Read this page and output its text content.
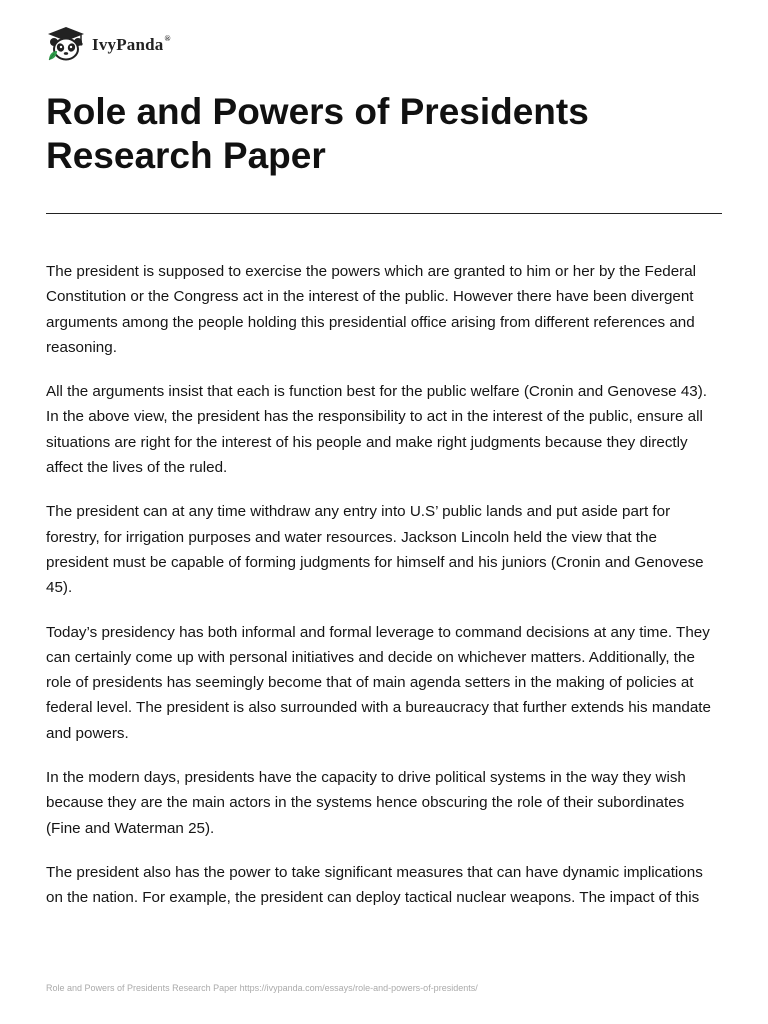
IvyPanda®
Role and Powers of Presidents Research Paper

The president is supposed to exercise the powers which are granted to him or her by the Federal Constitution or the Congress act in the interest of the public. However there have been divergent arguments among the people holding this presidential office arising from different references and reasoning.

All the arguments insist that each is function best for the public welfare (Cronin and Genovese 43). In the above view, the president has the responsibility to act in the interest of the public, ensure all situations are right for the interest of his people and make right judgments because they directly affect the lives of the ruled.

The president can at any time withdraw any entry into U.S’ public lands and put aside part for forestry, for irrigation purposes and water resources. Jackson Lincoln held the view that the president must be capable of forming judgments for himself and his juniors (Cronin and Genovese 45).

Today’s presidency has both informal and formal leverage to command decisions at any time. They can certainly come up with personal initiatives and decide on whichever matters. Additionally, the role of presidents has seemingly become that of main agenda setters in the making of policies at federal level. The president is also surrounded with a bureaucracy that further extends his mandate and powers.

In the modern days, presidents have the capacity to drive political systems in the way they wish because they are the main actors in the systems hence obscuring the role of their subordinates (Fine and Waterman 25).

The president also has the power to take significant measures that can have dynamic implications on the nation. For example, the president can deploy tactical nuclear weapons. The impact of this

Role and Powers of Presidents Research Paper https://ivypanda.com/essays/role-and-powers-of-presidents/
